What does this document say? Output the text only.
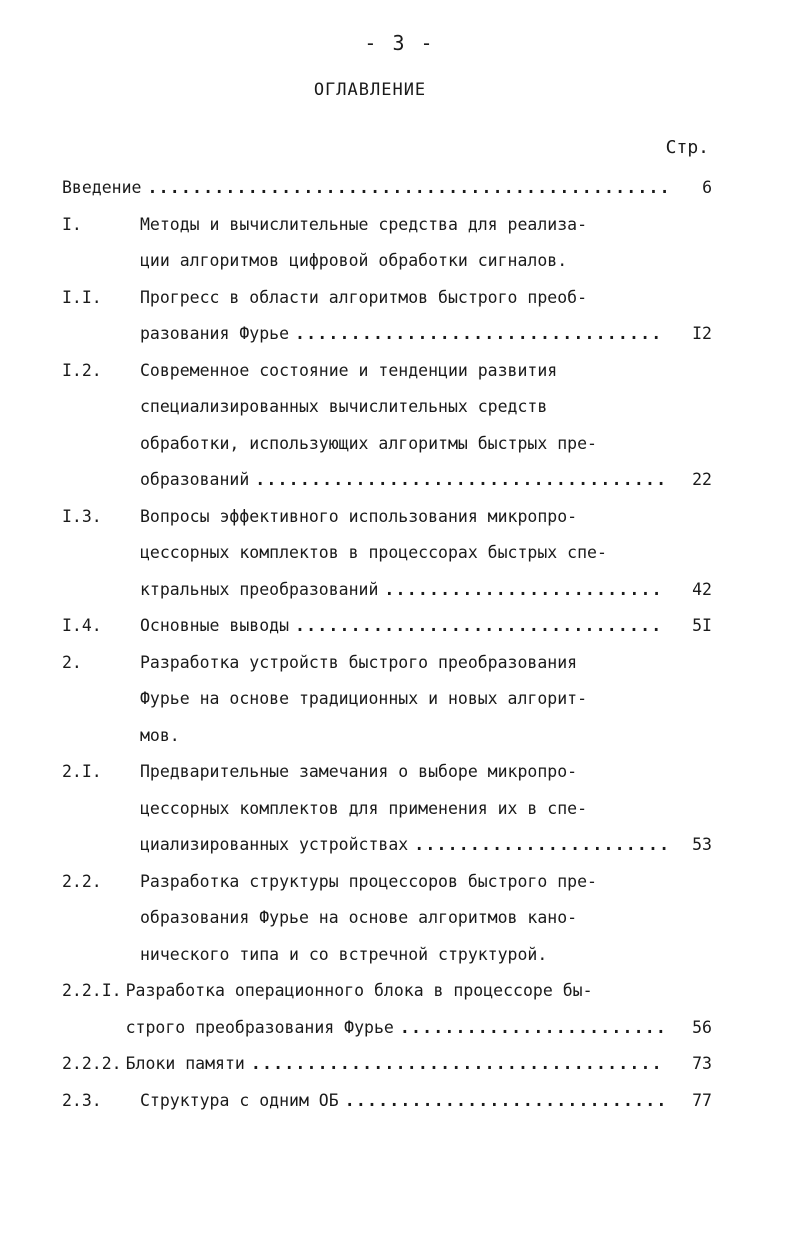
- 3 -
ОГЛАВЛЕНИЕ
Стр.
Введение .....	6
I.	Методы и вычислительные средства для реализа-
ции алгоритмов цифровой обработки сигналов.
I.I.	Прогресс в области алгоритмов быстрого преоб-
разования Фурье .....	I2
I.2.	Современное состояние и тенденции развития
специализированных вычислительных средств
обработки, использующих алгоритмы быстрых пре-
образований .....	22
I.3.	Вопросы эффективного использования микропро-
цессорных комплектов в процессорах быстрых спе-
ктральных преобразований .....	42
I.4.	Основные выводы .....	5I
2.	Разработка устройств быстрого преобразования
Фурье на основе традиционных и новых алгорит-
мов.
2.I.	Предварительные замечания о выборе микропро-
цессорных комплектов для применения их в спе-
циализированных устройствах .....	53
2.2.	Разработка структуры процессоров быстрого пре-
образования Фурье на основе алгоритмов кано-
нического типа и со встречной структурой.
2.2.I. Разработка операционного блока в процессоре бы-
строго преобразования Фурье .....	56
2.2.2. Блоки памяти .....	73
2.3.	Структура с одним ОБ .....	77
